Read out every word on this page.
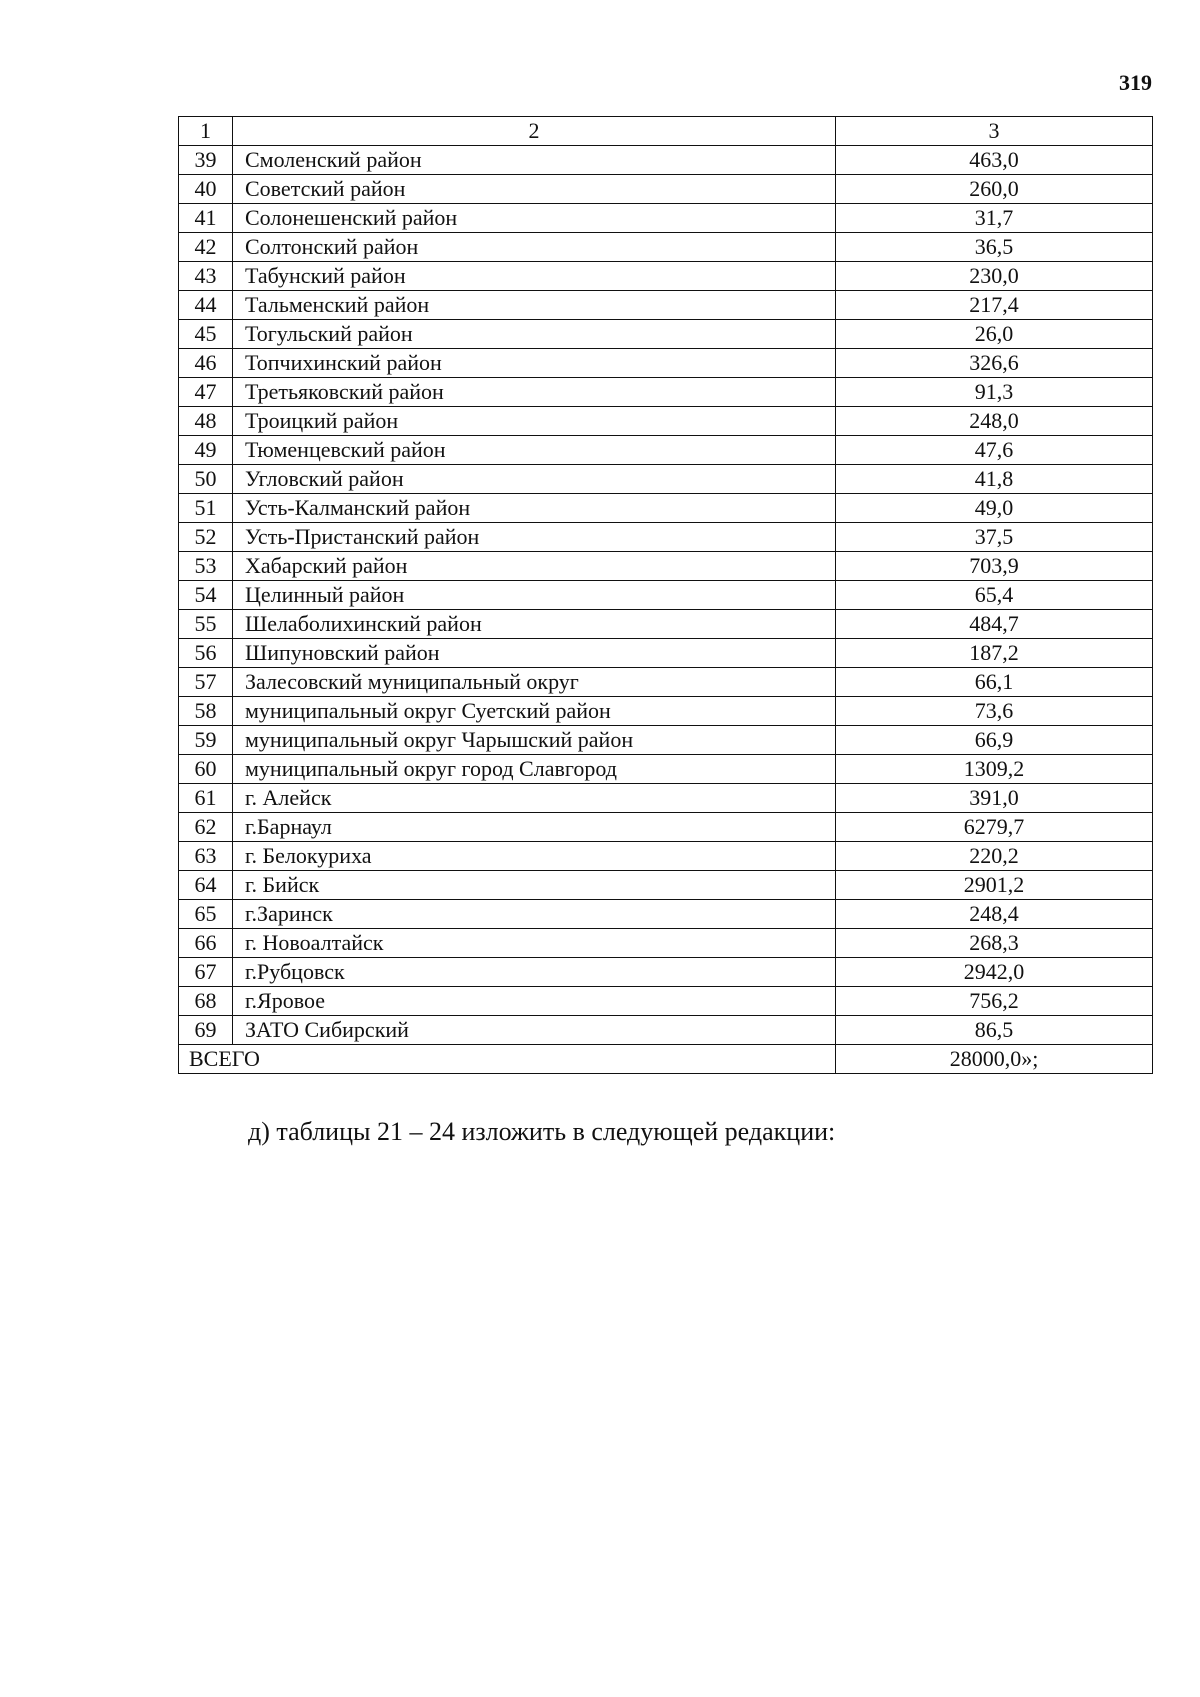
319
1	2	3
39	Смоленский район	463,0
40	Советский район	260,0
41	Солонешенский район	31,7
42	Солтонский район	36,5
43	Табунский район	230,0
44	Тальменский район	217,4
45	Тогульский район	26,0
46	Топчихинский район	326,6
47	Третьяковский район	91,3
48	Троицкий район	248,0
49	Тюменцевский район	47,6
50	Угловский район	41,8
51	Усть-Калманский район	49,0
52	Усть-Пристанский район	37,5
53	Хабарский район	703,9
54	Целинный район	65,4
55	Шелаболихинский район	484,7
56	Шипуновский район	187,2
57	Залесовский муниципальный округ	66,1
58	муниципальный округ Суетский район	73,6
59	муниципальный округ Чарышский район	66,9
60	муниципальный округ город Славгород	1309,2
61	г. Алейск	391,0
62	г.Барнаул	6279,7
63	г. Белокуриха	220,2
64	г. Бийск	2901,2
65	г.Заринск	248,4
66	г. Новоалтайск	268,3
67	г.Рубцовск	2942,0
68	г.Яровое	756,2
69	ЗАТО Сибирский	86,5
ВСЕГО		28000,0»;
д) таблицы 21 – 24 изложить в следующей редакции:
